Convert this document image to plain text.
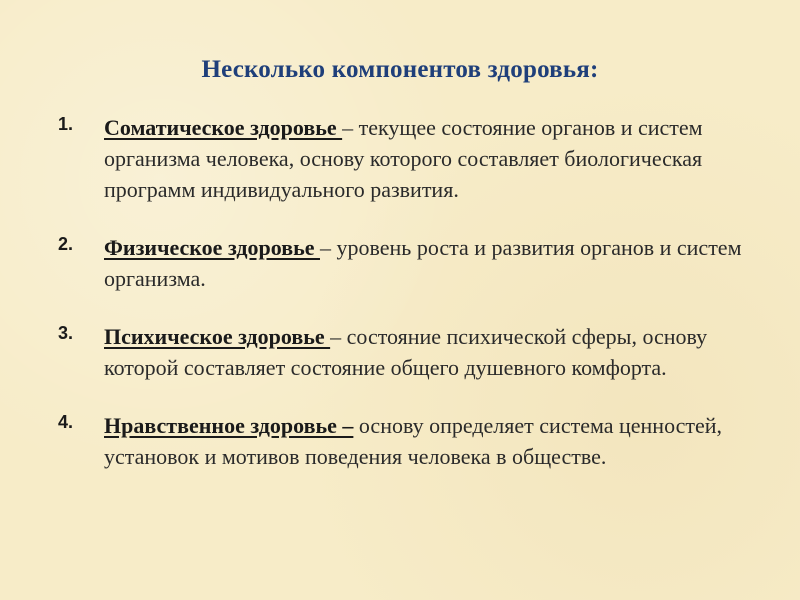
Несколько компонентов здоровья:
1. Соматическое здоровье – текущее состояние органов и систем организма человека, основу которого составляет биологическая программ индивидуального развития.
2. Физическое здоровье – уровень роста и развития органов и систем организма.
3. Психическое здоровье – состояние психической сферы, основу которой составляет состояние общего душевного комфорта.
4. Нравственное здоровье – основу определяет система ценностей, установок и мотивов поведения человека в обществе.
